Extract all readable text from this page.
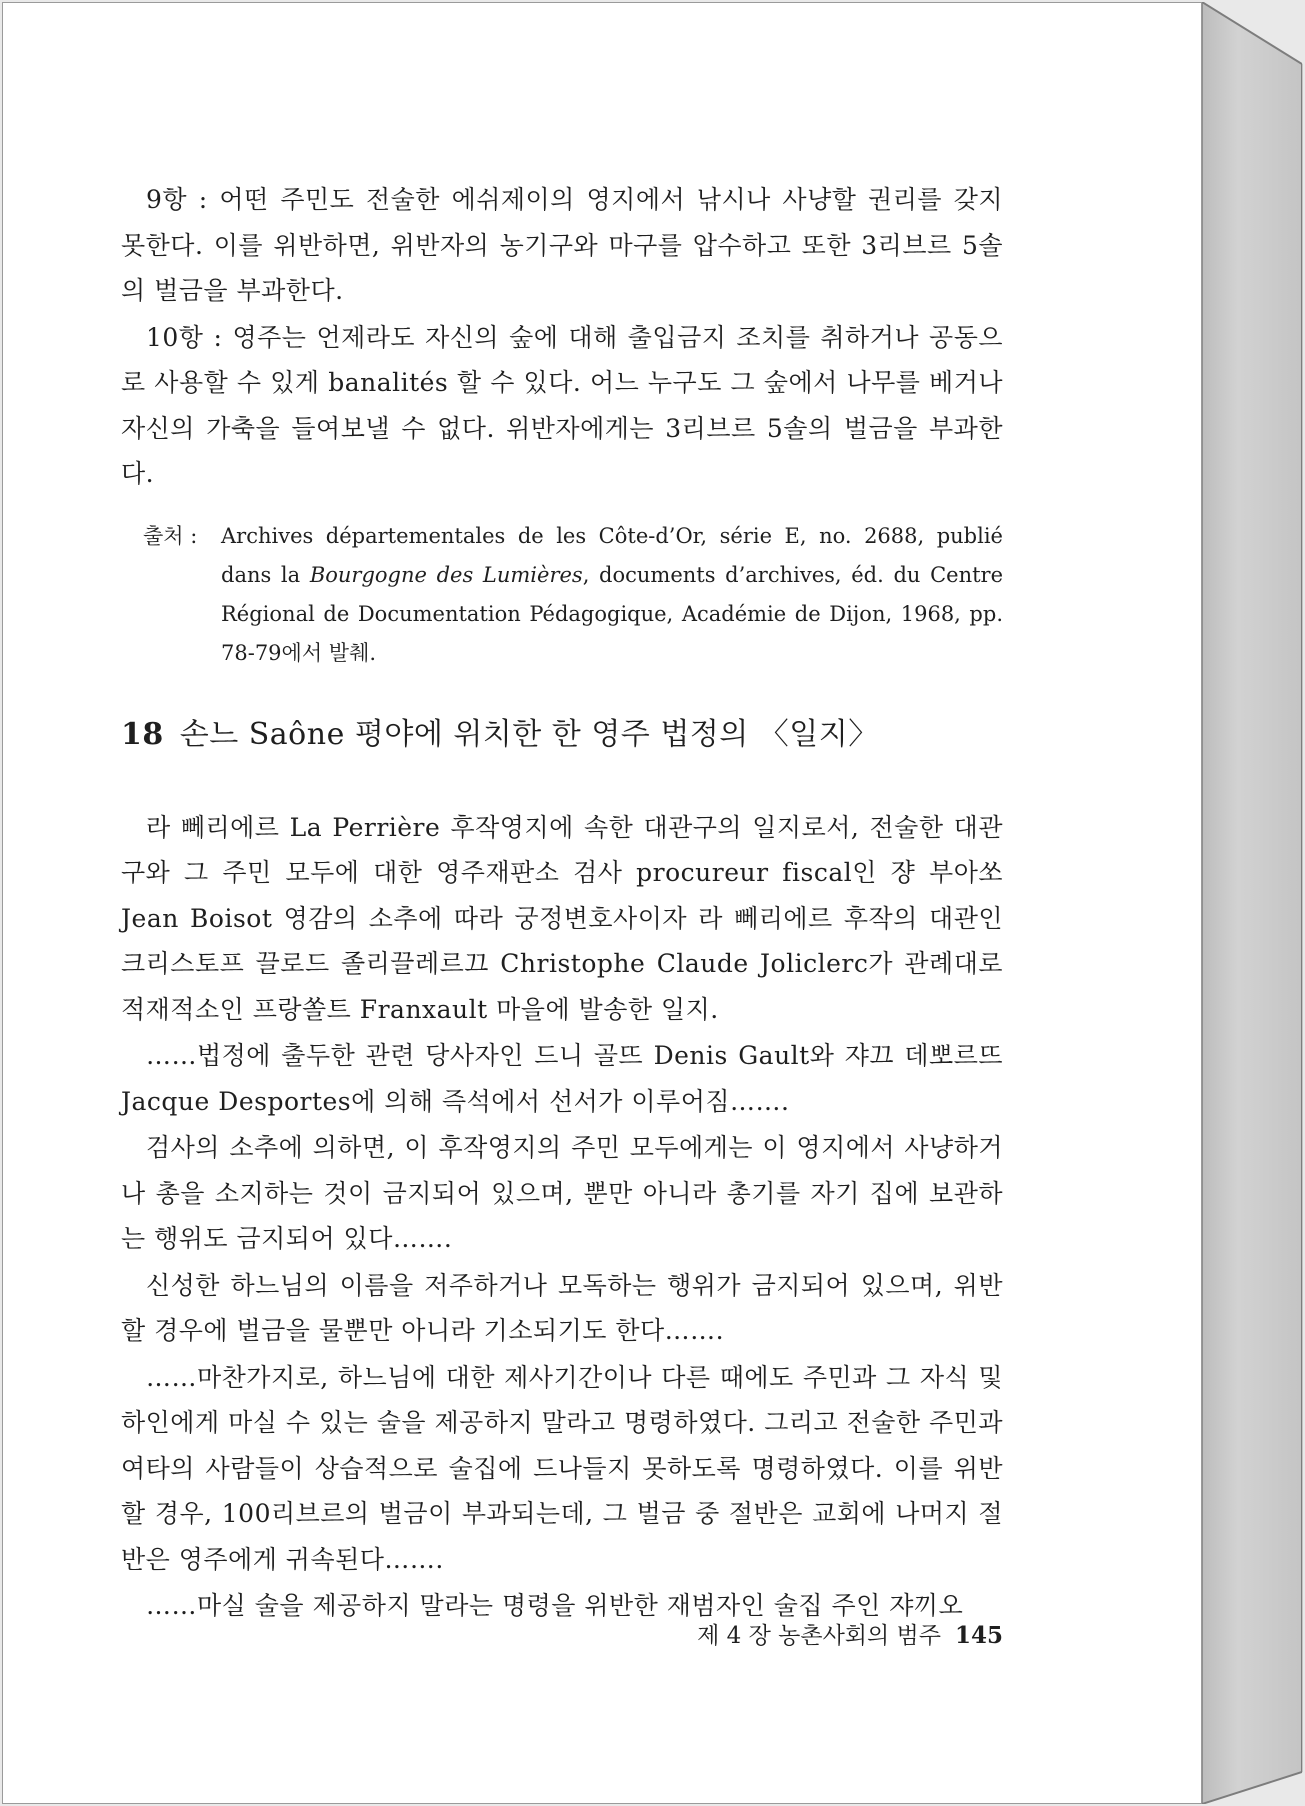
9항 : 어떤 주민도 전술한 에쉬제이의 영지에서 낚시나 사냥할 권리를 갖지 못한다. 이를 위반하면, 위반자의 농기구와 마구를 압수하고 또한 3리브르 5솔의 벌금을 부과한다.

10항 : 영주는 언제라도 자신의 숲에 대해 출입금지 조치를 취하거나 공동으로 사용할 수 있게 banalités 할 수 있다. 어느 누구도 그 숲에서 나무를 베거나 자신의 가축을 들여보낼 수 없다. 위반자에게는 3리브르 5솔의 벌금을 부과한다.

출처 : Archives départementales de les Côte-d’Or, série E, no. 2688, publié dans la Bourgogne des Lumières, documents d’archives, éd. du Centre Régional de Documentation Pédagogique, Académie de Dijon, 1968, pp. 78-79에서 발췌.
18 손느 Saône 평야에 위치한 한 영주 법정의 〈일지〉

라 뻬리에르 La Perrière 후작영지에 속한 대관구의 일지로서, 전술한 대관구와 그 주민 모두에 대한 영주재판소 검사 procureur fiscal인 쟝 부아쏘 Jean Boisot 영감의 소추에 따라 궁정변호사이자 라 뻬리에르 후작의 대관인 크리스토프 끌로드 졸리끌레르끄 Christophe Claude Joliclerc가 관례대로 적재적소인 프랑쏠트 Franxault 마을에 발송한 일지.

……법정에 출두한 관련 당사자인 드니 골뜨 Denis Gault와 쟈끄 데뽀르뜨 Jacque Desportes에 의해 즉석에서 선서가 이루어짐…….

검사의 소추에 의하면, 이 후작영지의 주민 모두에게는 이 영지에서 사냥하거나 총을 소지하는 것이 금지되어 있으며, 뿐만 아니라 총기를 자기 집에 보관하는 행위도 금지되어 있다…….

신성한 하느님의 이름을 저주하거나 모독하는 행위가 금지되어 있으며, 위반할 경우에 벌금을 물뿐만 아니라 기소되기도 한다…….

……마찬가지로, 하느님에 대한 제사기간이나 다른 때에도 주민과 그 자식 및 하인에게 마실 수 있는 술을 제공하지 말라고 명령하였다. 그리고 전술한 주민과 여타의 사람들이 상습적으로 술집에 드나들지 못하도록 명령하였다. 이를 위반할 경우, 100리브르의 벌금이 부과되는데, 그 벌금 중 절반은 교회에 나머지 절반은 영주에게 귀속된다…….

……마실 술을 제공하지 말라는 명령을 위반한 재범자인 술집 주인 쟈끼오

제 4 장 농촌사회의 범주 145
